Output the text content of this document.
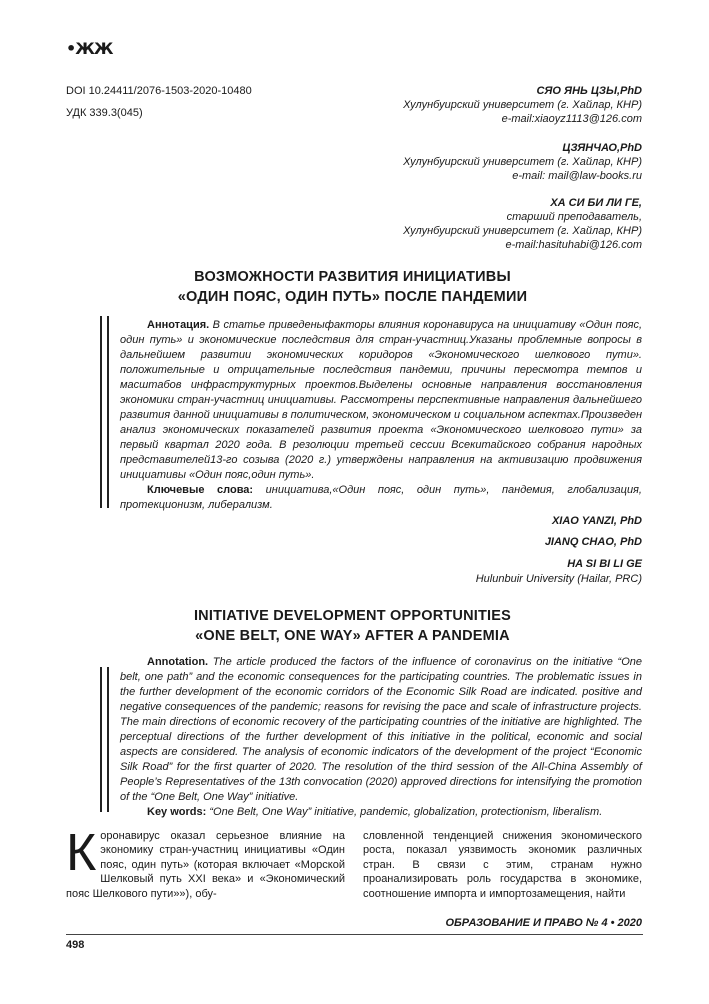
•ЖЖ
DOI 10.24411/2076-1503-2020-10480
УДК 339.3(045)
СЯО ЯНЬ ЦЗЫ,PhD
Хулунбуирский университет (г. Хайлар, КНР)
e-mail:xiaoyz1113@126.com
ЦЗЯНЧАО,PhD
Хулунбуирский университет (г. Хайлар, КНР)
e-mail: mail@law-books.ru
ХА СИ БИ ЛИ ГЕ,
старший преподаватель,
Хулунбуирский университет (г. Хайлар, КНР)
e-mail:hasituhabi@126.com
ВОЗМОЖНОСТИ РАЗВИТИЯ ИНИЦИАТИВЫ
«ОДИН ПОЯС, ОДИН ПУТЬ» ПОСЛЕ ПАНДЕМИИ

Аннотация. В статье приведеныфакторы влияния коронавируса на инициативу «Один пояс, один путь» и экономические последствия для стран-участниц.Указаны проблемные вопросы в дальнейшем развитии экономических коридоров «Экономического шелкового пути». положительные и отрицательные последствия пандемии, причины пересмотра темпов и масштабов инфраструктурных проектов.Выделены основные направления восстановления экономики стран-участниц инициативы. Рассмотрены перспективные направления дальнейшего развития данной инициативы в политическом, экономическом и социальном аспектах.Произведен анализ экономических показателей развития проекта «Экономического шелкового пути» за первый квартал 2020 года. В резолюции третьей сессии Всекитайского собрания народных представителей13-го созыва (2020 г.) утверждены направления на активизацию продвижения инициативы «Один пояс,один путь».

Ключевые слова: инициатива,«Один пояс, один путь», пандемия, глобализация, протекционизм, либерализм.

XIAO YANZI, PhD
JIANQ CHAO, PhD
HA SI BI LI GE
Hulunbuir University (Hailar, PRC)
INITIATIVE DEVELOPMENT OPPORTUNITIES
«ONE BELT, ONE WAY» AFTER A PANDEMIA

Annotation. The article produced the factors of the influence of coronavirus on the initiative “One belt, one path” and the economic consequences for the participating countries. The problematic issues in the further development of the economic corridors of the Economic Silk Road are indicated. positive and negative consequences of the pandemic; reasons for revising the pace and scale of infrastructure projects. The main directions of economic recovery of the participating countries of the initiative are highlighted. The perceptual directions of the further development of this initiative in the political, economic and social aspects are considered. The analysis of economic indicators of the development of the project “Economic Silk Road” for the first quarter of 2020. The resolution of the third session of the All-China Assembly of People’s Representatives of the 13th convocation (2020) approved directions for intensifying the promotion of the “One Belt, One Way” initiative.

Key words: “One Belt, One Way” initiative, pandemic, globalization, protectionism, liberalism.

Коронавирус оказал серьезное влияние на экономику стран-участниц инициативы «Один пояс, один путь» (которая включает «Морской Шелковый путь XXI века» и «Экономический пояс Шелкового пути»»), обу-

словленной тенденцией снижения экономического роста, показал уязвимость экономик различных стран. В связи с этим, странам нужно проанализировать роль государства в экономике, соотношение импорта и импортозамещения, найти

ОБРАЗОВАНИЕ И ПРАВО № 4 • 2020
498
